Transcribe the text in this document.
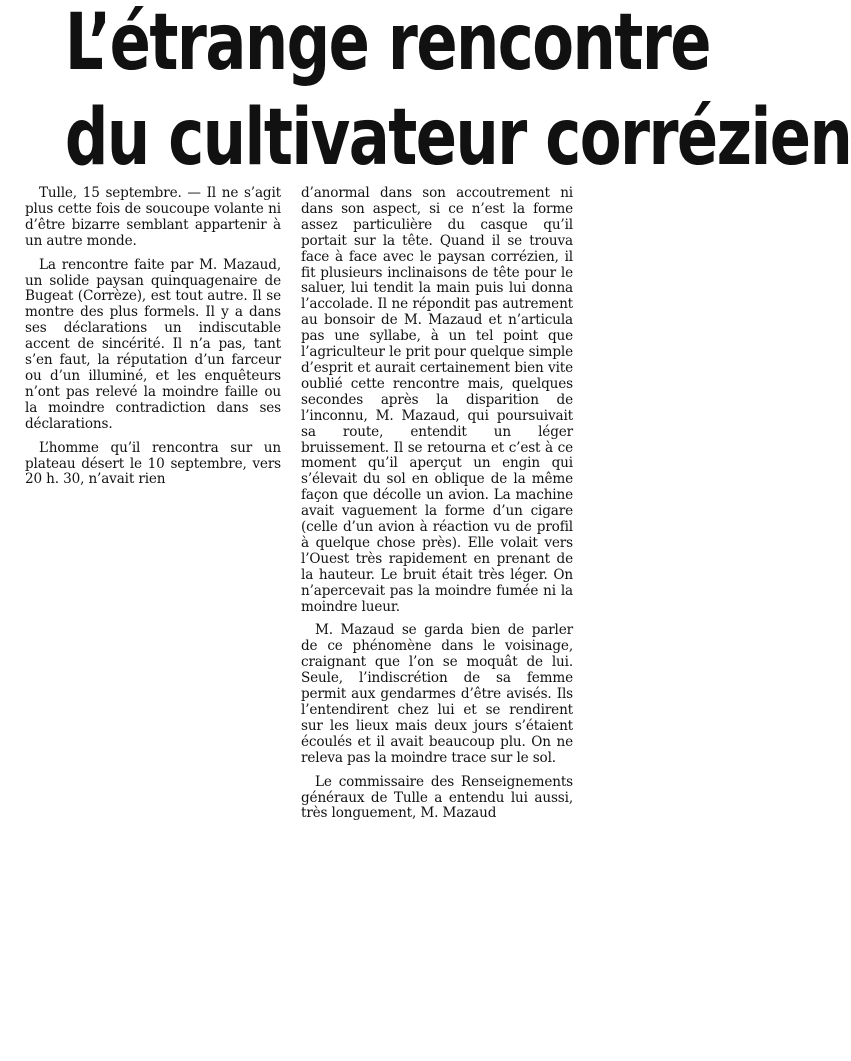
L’étrange rencontre
du cultivateur corrézien

Tulle, 15 septembre. — Il ne s’agit plus cette fois de soucoupe volante ni d’être bizarre semblant appartenir à un autre monde.

La rencontre faite par M. Mazaud, un solide paysan quinquagenaire de Bugeat (Corrèze), est tout autre. Il se montre des plus formels. Il y a dans ses déclarations un indiscutable accent de sincérité. Il n’a pas, tant s’en faut, la réputation d’un farceur ou d’un illuminé, et les enquêteurs n’ont pas relevé la moindre faille ou la moindre contradiction dans ses déclarations.

L’homme qu’il rencontra sur un plateau désert le 10 septembre, vers 20 h. 30, n’avait rien

d’anormal dans son accoutrement ni dans son aspect, si ce n’est la forme assez particulière du casque qu’il portait sur la tête. Quand il se trouva face à face avec le paysan corrézien, il fit plusieurs inclinaisons de tête pour le saluer, lui tendit la main puis lui donna l’accolade. Il ne répondit pas autrement au bonsoir de M. Mazaud et n’articula pas une syllabe, à un tel point que l’agriculteur le prit pour quelque simple d’esprit et aurait certainement bien vite oublié cette rencontre mais, quelques secondes après la disparition de l’inconnu, M. Mazaud, qui poursuivait sa route, entendit un léger bruissement. Il se retourna et c’est à ce moment qu’il aperçut un engin qui s’élevait du sol en oblique de la même façon que décolle un avion. La machine avait vaguement la forme d’un cigare (celle d’un avion à réaction vu de profil à quelque chose près). Elle volait vers l’Ouest très rapidement en prenant de la hauteur. Le bruit était très léger. On n’apercevait pas la moindre fumée ni la moindre lueur.

M. Mazaud se garda bien de parler de ce phénomène dans le voisinage, craignant que l’on se moquât de lui. Seule, l’indiscrétion de sa femme permit aux gendarmes d’être avisés. Ils l’entendirent chez lui et se rendirent sur les lieux mais deux jours s’étaient écoulés et il avait beaucoup plu. On ne releva pas la moindre trace sur le sol.

Le commissaire des Renseignements généraux de Tulle a entendu lui aussi, très longuement, M. Mazaud
